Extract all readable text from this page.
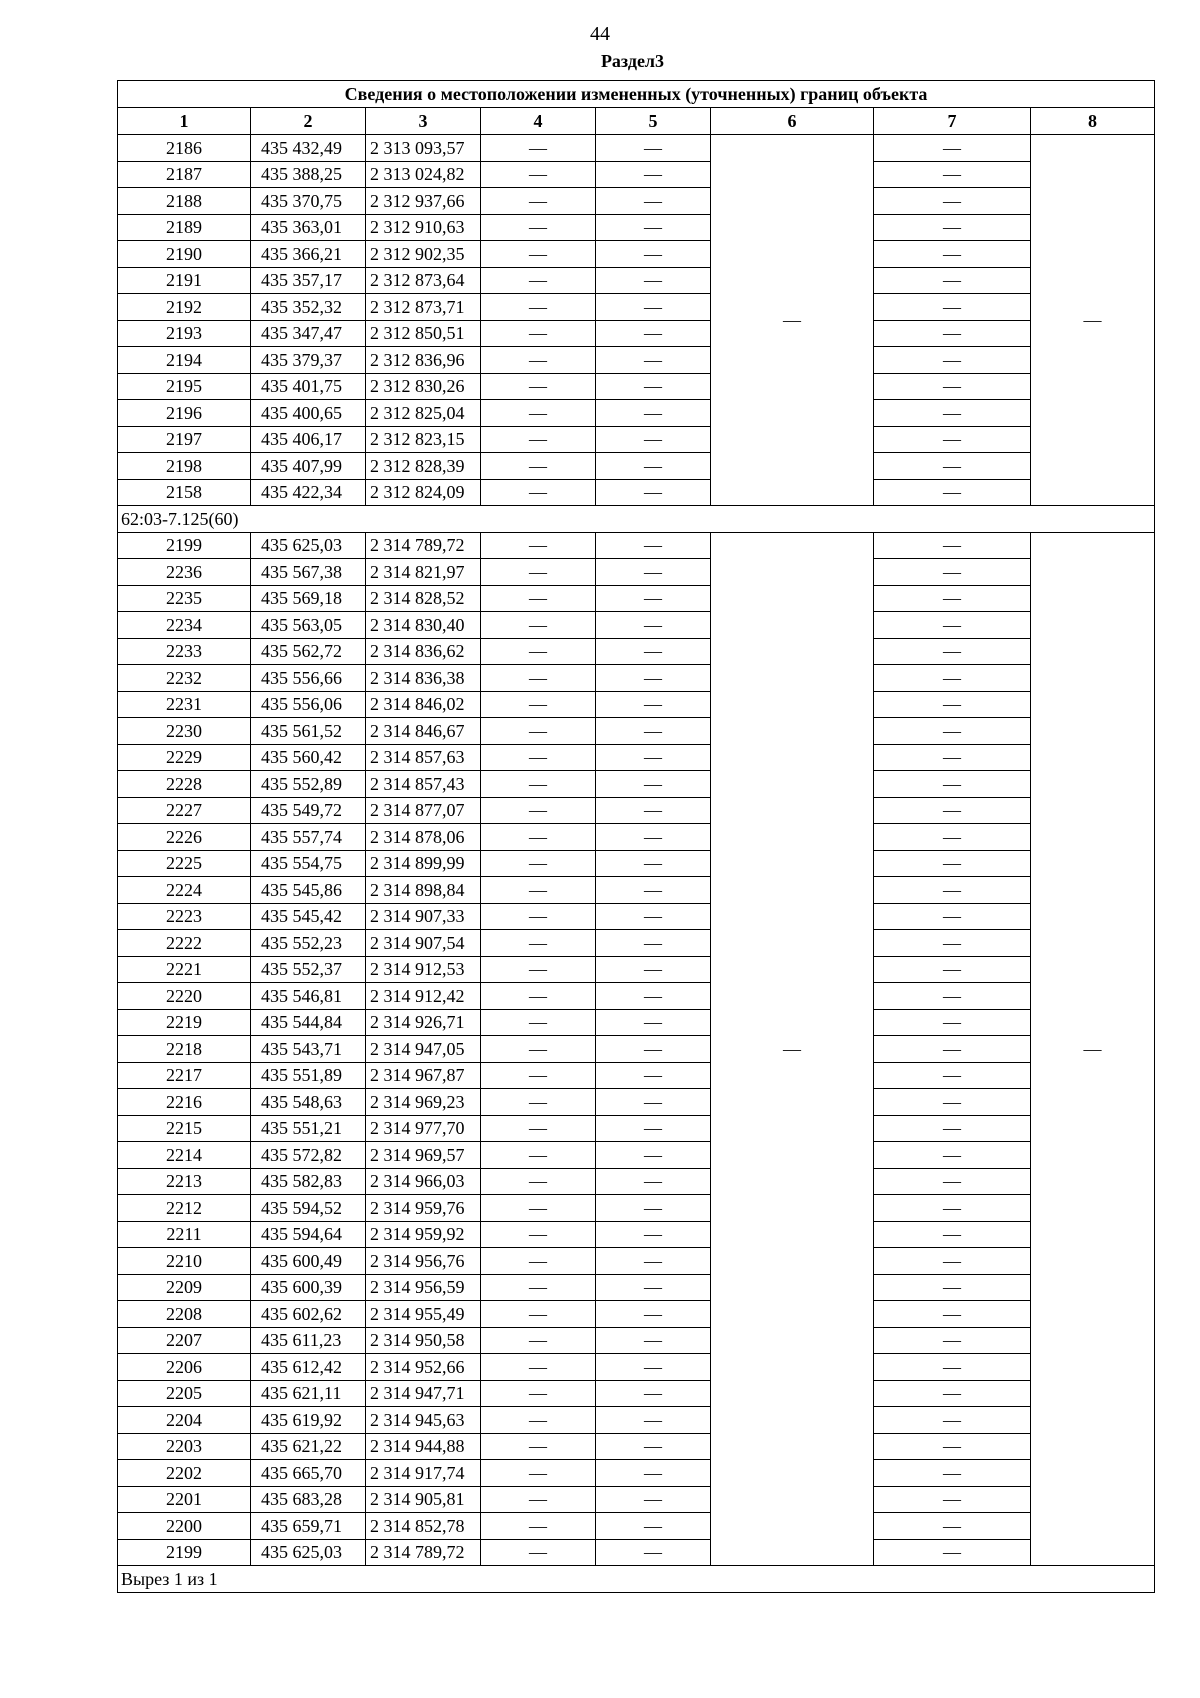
44
Раздел3
Сведения о местоположении измененных (уточненных) границ объекта							
1	2	3	4	5	6	7	8
2186	435 432,49	2 313 093,57	—	—	—	—	—
2187	435 388,25	2 313 024,82	—	—		—	
2188	435 370,75	2 312 937,66	—	—		—	
2189	435 363,01	2 312 910,63	—	—		—	
2190	435 366,21	2 312 902,35	—	—		—	
2191	435 357,17	2 312 873,64	—	—		—	
2192	435 352,32	2 312 873,71	—	—		—	
2193	435 347,47	2 312 850,51	—	—		—	
2194	435 379,37	2 312 836,96	—	—		—	
2195	435 401,75	2 312 830,26	—	—		—	
2196	435 400,65	2 312 825,04	—	—		—	
2197	435 406,17	2 312 823,15	—	—		—	
2198	435 407,99	2 312 828,39	—	—		—	
2158	435 422,34	2 312 824,09	—	—		—	
62:03-7.125(60)							
2199	435 625,03	2 314 789,72	—	—	—	—	—
2236	435 567,38	2 314 821,97	—	—		—	
2235	435 569,18	2 314 828,52	—	—		—	
2234	435 563,05	2 314 830,40	—	—		—	
2233	435 562,72	2 314 836,62	—	—		—	
2232	435 556,66	2 314 836,38	—	—		—	
2231	435 556,06	2 314 846,02	—	—		—	
2230	435 561,52	2 314 846,67	—	—		—	
2229	435 560,42	2 314 857,63	—	—		—	
2228	435 552,89	2 314 857,43	—	—		—	
2227	435 549,72	2 314 877,07	—	—		—	
2226	435 557,74	2 314 878,06	—	—		—	
2225	435 554,75	2 314 899,99	—	—		—	
2224	435 545,86	2 314 898,84	—	—		—	
2223	435 545,42	2 314 907,33	—	—		—	
2222	435 552,23	2 314 907,54	—	—		—	
2221	435 552,37	2 314 912,53	—	—		—	
2220	435 546,81	2 314 912,42	—	—		—	
2219	435 544,84	2 314 926,71	—	—		—	
2218	435 543,71	2 314 947,05	—	—		—	
2217	435 551,89	2 314 967,87	—	—		—	
2216	435 548,63	2 314 969,23	—	—		—	
2215	435 551,21	2 314 977,70	—	—		—	
2214	435 572,82	2 314 969,57	—	—		—	
2213	435 582,83	2 314 966,03	—	—		—	
2212	435 594,52	2 314 959,76	—	—		—	
2211	435 594,64	2 314 959,92	—	—		—	
2210	435 600,49	2 314 956,76	—	—		—	
2209	435 600,39	2 314 956,59	—	—		—	
2208	435 602,62	2 314 955,49	—	—		—	
2207	435 611,23	2 314 950,58	—	—		—	
2206	435 612,42	2 314 952,66	—	—		—	
2205	435 621,11	2 314 947,71	—	—		—	
2204	435 619,92	2 314 945,63	—	—		—	
2203	435 621,22	2 314 944,88	—	—		—	
2202	435 665,70	2 314 917,74	—	—		—	
2201	435 683,28	2 314 905,81	—	—		—	
2200	435 659,71	2 314 852,78	—	—		—	
2199	435 625,03	2 314 789,72	—	—		—	
Вырез 1 из 1							
